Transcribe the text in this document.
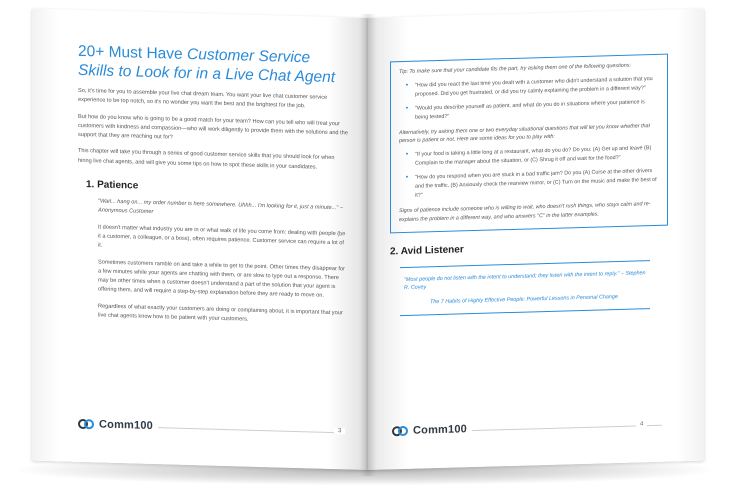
20+ Must Have Customer Service Skills to Look for in a Live Chat Agent

So, it's time for you to assemble your live chat dream team. You want your live chat customer service experience to be top notch, so it's no wonder you want the best and the brightest for the job.

But how do you know who is going to be a good match for your team? How can you tell who will treat your customers with kindness and compassion—who will work diligently to provide them with the solutions and the support that they are reaching out for?

This chapter will take you through a series of good customer service skills that you should look for when hiring live chat agents, and will give you some tips on how to spot these skills in your candidates.

1. Patience

"Wait... hang on... my order number is here somewhere. Uhhh... I'm looking for it, just a minute..." ~ Anonymous Customer

It doesn't matter what industry you are in or what walk of life you come from: dealing with people (be it a customer, a colleague, or a boss), often requires patience. Customer service can require a lot of it.

Sometimes customers ramble on and take a while to get to the point. Other times they disappear for a few minutes while your agents are chatting with them, or are slow to type out a response. There may be other times when a customer doesn't understand a part of the solution that your agent is offering them, and will require a step-by-step explanation before they are ready to move on.

Regardless of what exactly your customers are doing or complaining about, it is important that your live chat agents know how to be patient with your customers.

Comm100	3

Tip: To make sure that your candidate fits the part, try asking them one of the following questions:

•	"How did you react the last time you dealt with a customer who didn't understand a solution that you proposed. Did you get frustrated, or did you try calmly explaining the problem in a different way?"
•	"Would you describe yourself as patient, and what do you do in situations where your patience is being tested?"

Alternatively, try asking them one or two everyday situational questions that will let you know whether that person is patient or not. Here are some ideas for you to play with:

•	"If your food is taking a little long at a restaurant, what do you do? Do you: (A) Get up and leave (B) Complain to the manager about the situation, or (C) Shrug it off and wait for the food?"
•	"How do you respond when you are stuck in a bad traffic jam? Do you (A) Curse at the other drivers and the traffic, (B) Anxiously check the rearview mirror, or (C) Turn on the music and make the best of it?"

Signs of patience include someone who is willing to wait, who doesn't rush things, who stays calm and re-explains the problem in a different way, and who answers "C" in the latter examples.

2. Avid Listener

"Most people do not listen with the intent to understand; they listen with the intent to reply." ~ Stephen R. Covey

The 7 Habits of Highly Effective People: Powerful Lessons in Personal Change

Comm100	4
